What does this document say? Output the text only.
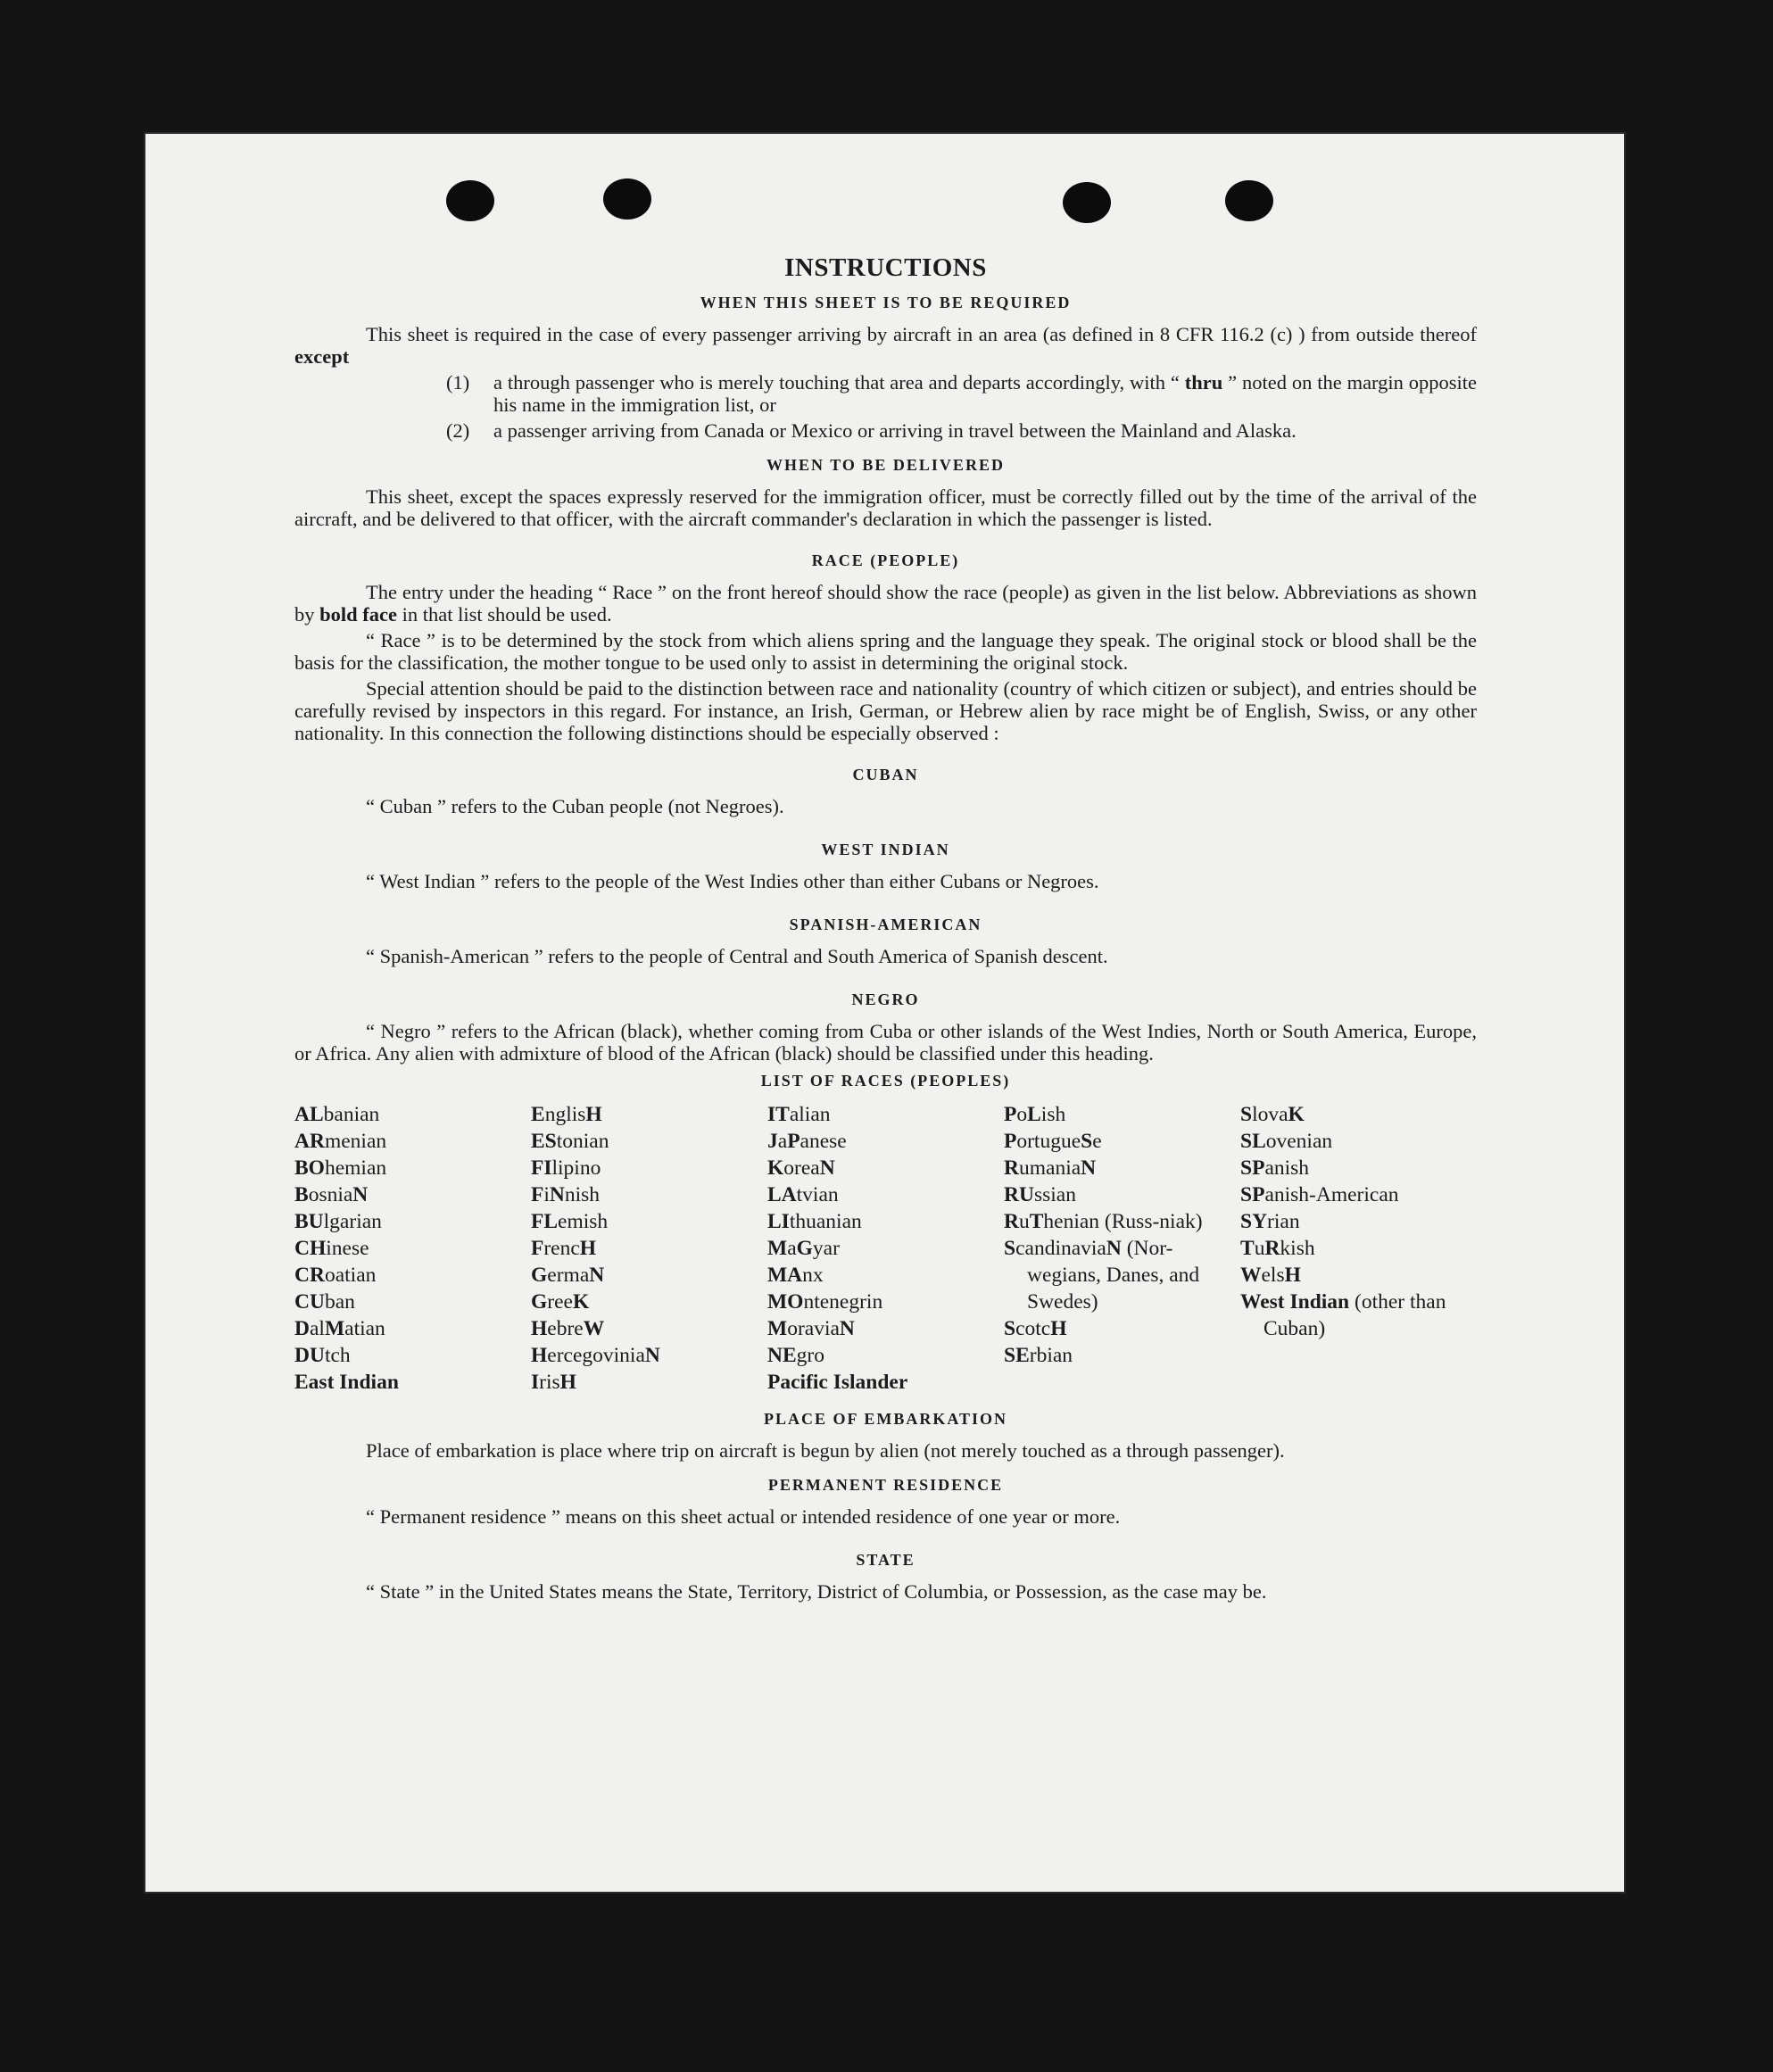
INSTRUCTIONS
WHEN THIS SHEET IS TO BE REQUIRED
This sheet is required in the case of every passenger arriving by aircraft in an area (as defined in 8 CFR 116.2 (c) ) from outside thereof except
(1)	a through passenger who is merely touching that area and departs accordingly, with “ thru ” noted on the margin opposite his name in the immigration list, or
(2)	a passenger arriving from Canada or Mexico or arriving in travel between the Mainland and Alaska.
WHEN TO BE DELIVERED
This sheet, except the spaces expressly reserved for the immigration officer, must be correctly filled out by the time of the arrival of the aircraft, and be delivered to that officer, with the aircraft commander's declaration in which the passenger is listed.
RACE (PEOPLE)
The entry under the heading “ Race ” on the front hereof should show the race (people) as given in the list below. Abbreviations as shown by bold face in that list should be used.
“ Race ” is to be determined by the stock from which aliens spring and the language they speak. The original stock or blood shall be the basis for the classification, the mother tongue to be used only to assist in determining the original stock.
Special attention should be paid to the distinction between race and nationality (country of which citizen or subject), and entries should be carefully revised by inspectors in this regard. For instance, an Irish, German, or Hebrew alien by race might be of English, Swiss, or any other nationality. In this connection the following distinctions should be especially observed :
CUBAN
“ Cuban ” refers to the Cuban people (not Negroes).
WEST INDIAN
“ West Indian ” refers to the people of the West Indies other than either Cubans or Negroes.
SPANISH-AMERICAN
“ Spanish-American ” refers to the people of Central and South America of Spanish descent.
NEGRO
“ Negro ” refers to the African (black), whether coming from Cuba or other islands of the West Indies, North or South America, Europe, or Africa. Any alien with admixture of blood of the African (black) should be classified under this heading.
LIST OF RACES (PEOPLES)
ALbanian
ARmenian
BOhemian
BosniaN
BUlgarian
CHinese
CRoatian
CUban
DalMatian
DUtch
East Indian
EnglisH
EStonian
FIlipino
FiNnish
FLemish
FrencH
GermaN
GreeK
HebreW
HercegoviniaN
IrisH
ITalian
JaPanese
KoreaN
LAtvian
LIthuanian
MaGyar
MAnx
MOntenegrin
MoraviaN
NEgro
Pacific Islander
PoLish
PortugueSe
RumaniaN
RUssian
RuThenian (Russ-niak)
ScandinaviaN (Nor-wegians, Danes, and Swedes)
ScotcH
SErbian
SlovaK
SLovenian
SPanish
SPanish-American
SYrian
TuRkish
WelsH
West Indian (other than Cuban)
PLACE OF EMBARKATION
Place of embarkation is place where trip on aircraft is begun by alien (not merely touched as a through passenger).
PERMANENT RESIDENCE
“ Permanent residence ” means on this sheet actual or intended residence of one year or more.
STATE
“ State ” in the United States means the State, Territory, District of Columbia, or Possession, as the case may be.
